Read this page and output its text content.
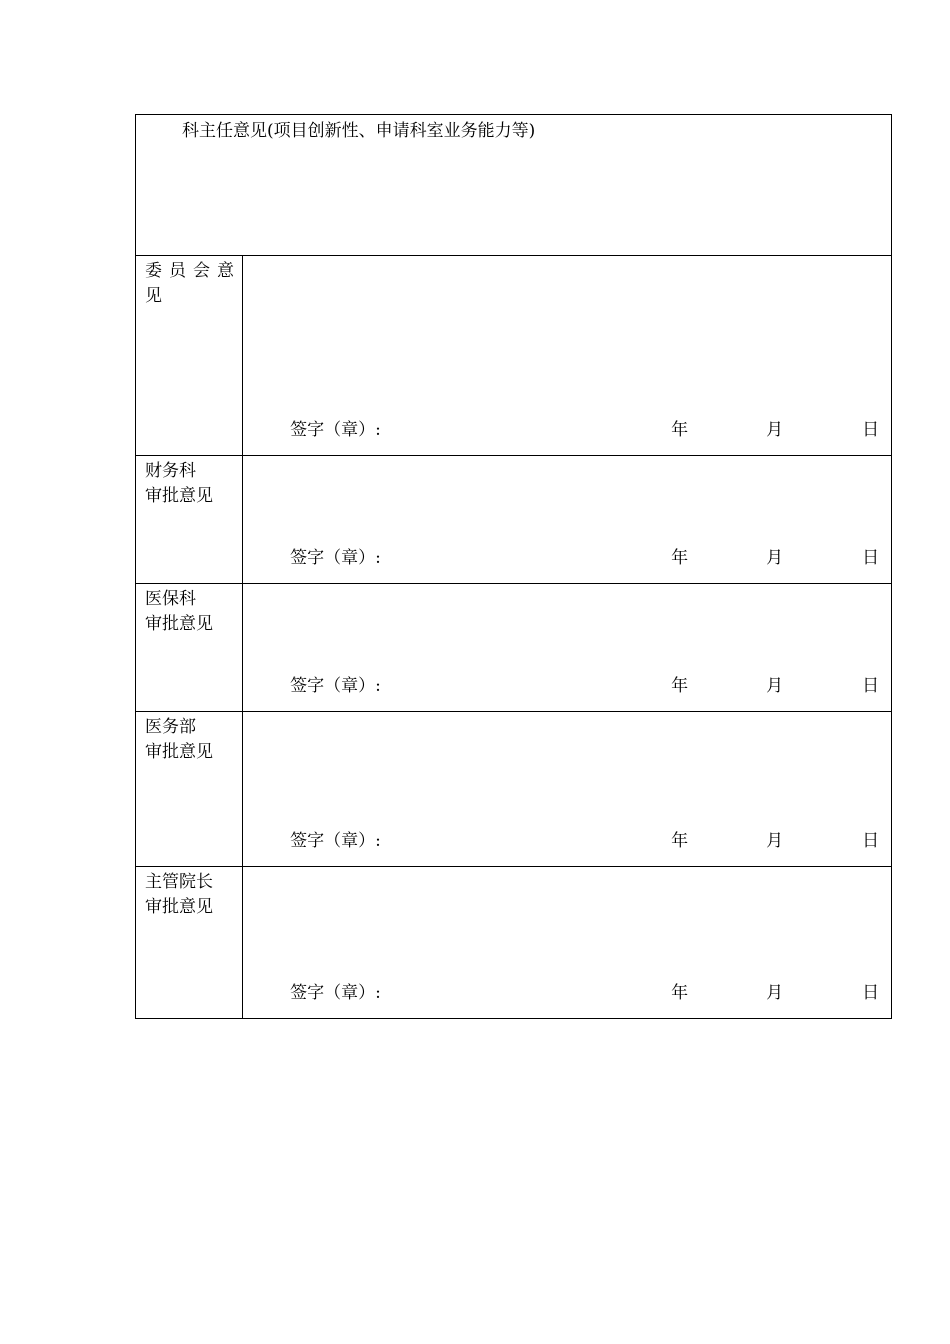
科主任意见(项目创新性、申请科室业务能力等)	

委员会意
见	签字（章）: 年 月 日

财务科
审批意见	签字（章）: 年 月 日

医保科
审批意见	签字（章）: 年 月 日

医务部
审批意见	签字（章）: 年 月 日

主管院长
审批意见	签字（章）: 年 月 日
